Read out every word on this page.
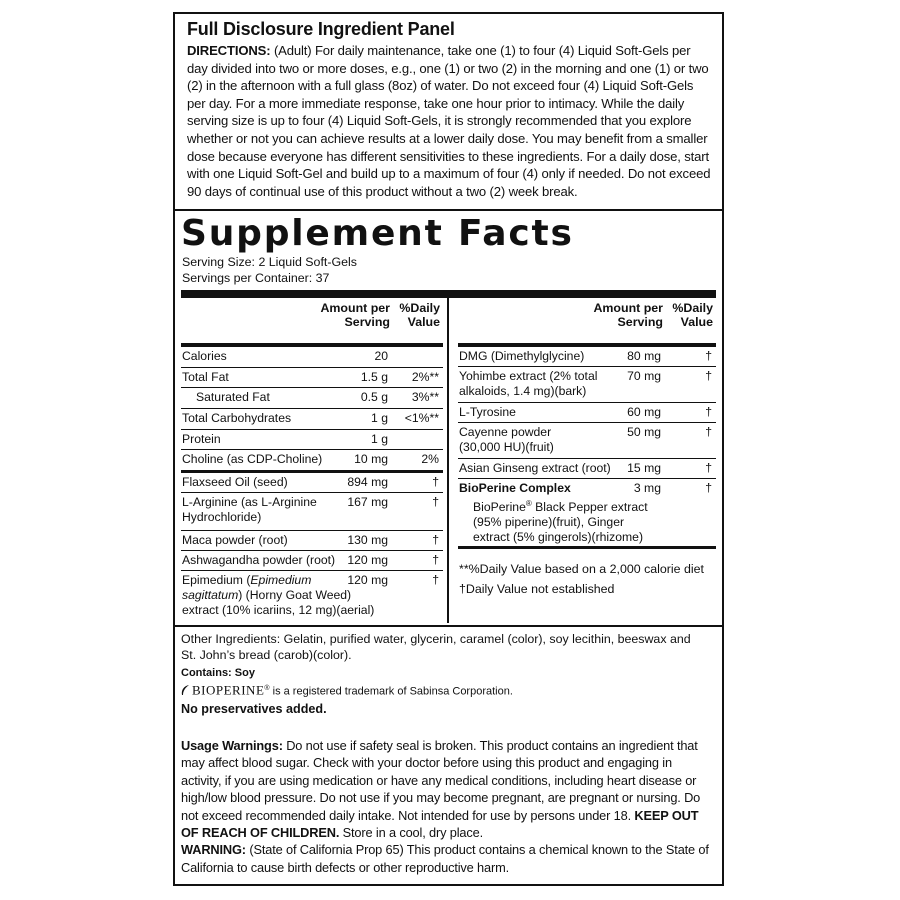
Full Disclosure Ingredient Panel
DIRECTIONS: (Adult) For daily maintenance, take one (1) to four (4) Liquid Soft-Gels per day divided into two or more doses, e.g., one (1) or two (2) in the morning and one (1) or two (2) in the afternoon with a full glass (8oz) of water. Do not exceed four (4) Liquid Soft-Gels per day. For a more immediate response, take one hour prior to intimacy. While the daily serving size is up to four (4) Liquid Soft-Gels, it is strongly recommended that you explore whether or not you can achieve results at a lower daily dose. You may benefit from a smaller dose because everyone has different sensitivities to these ingredients. For a daily dose, start with one Liquid Soft-Gel and build up to a maximum of four (4) only if needed. Do not exceed 90 days of continual use of this product without a two (2) week break.
Supplement Facts
Serving Size: 2 Liquid Soft-Gels
Servings per Container: 37
Amount per
Serving
%Daily
Value
Calories	20
Total Fat	1.5 g 2%**
Saturated Fat	0.5 g 3%**
Total Carbohydrates	1 g <1%**
Protein	1 g
Choline (as CDP-Choline)	10 mg	2%
Flaxseed Oil (seed)	894 mg	†
L-Arginine (as L-Arginine
Hydrochloride)
167 mg	†
Maca powder (root)	130 mg	†
Ashwagandha powder (root)	120 mg	†
Epimedium (Epimedium
sagittatum) (Horny Goat Weed)
extract (10% icariins, 12 mg)(aerial)
120 mg	†
Amount per
Serving
%Daily
Value
DMG (Dimethylglycine)	80 mg	†
Yohimbe extract (2% total
alkaloids, 1.4 mg)(bark)
70 mg	†
L-Tyrosine	60 mg	†
Cayenne powder
(30,000 HU)(fruit)
50 mg	†
Asian Ginseng extract (root)	15 mg	†
BioPerine Complex
BioPerine® Black Pepper extract
(95% piperine)(fruit), Ginger
extract (5% gingerols)(rhizome)
3 mg	†
**%Daily Value based on a 2,000 calorie diet
†Daily Value not established
Other Ingredients: Gelatin, purified water, glycerin, caramel (color), soy lecithin, beeswax and
St. John’s bread (carob)(color).
Contains: Soy
BIOPERINE® is a registered trademark of Sabinsa Corporation.
No preservatives added.
Usage Warnings: Do not use if safety seal is broken. This product contains an ingredient that may affect blood sugar. Check with your doctor before using this product and engaging in activity, if you are using medication or have any medical conditions, including heart disease or high/low blood pressure. Do not use if you may become pregnant, are pregnant or nursing. Do not exceed recommended daily intake. Not intended for use by persons under 18. KEEP OUT OF REACH OF CHILDREN. Store in a cool, dry place.
WARNING: (State of California Prop 65) This product contains a chemical known to the State of California to cause birth defects or other reproductive harm.
